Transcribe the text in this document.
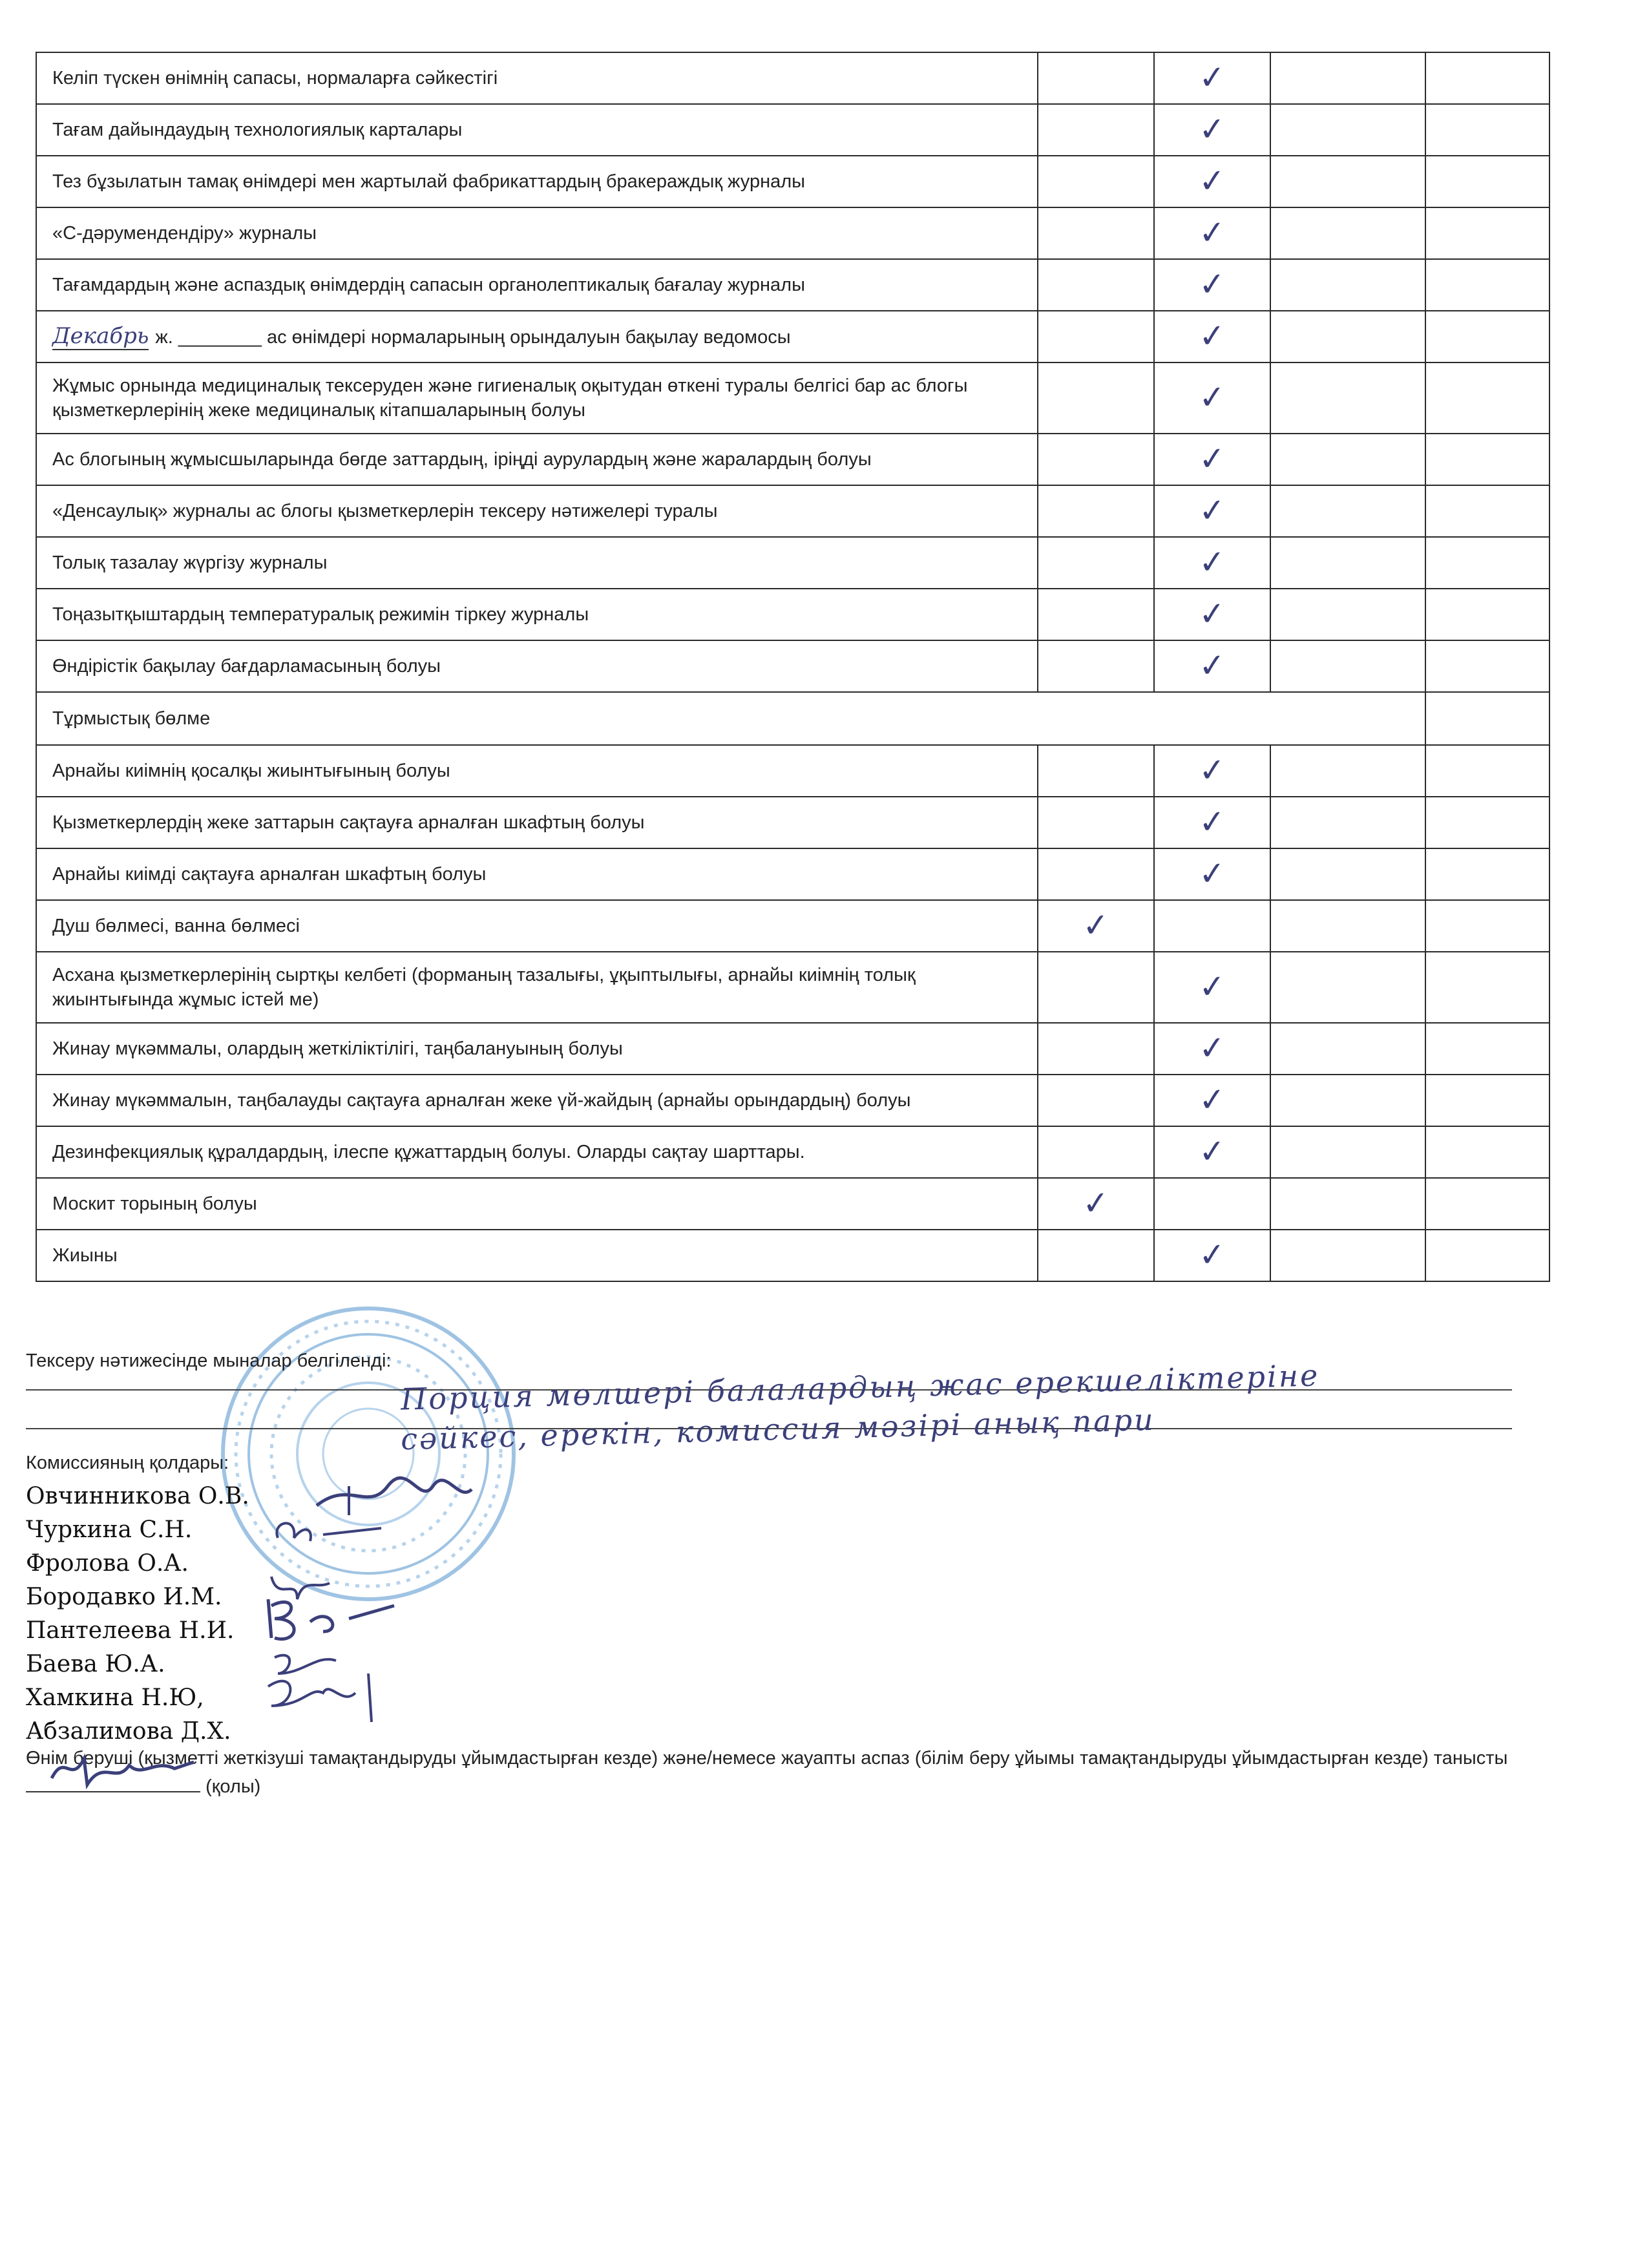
Келіп түскен өнімнің сапасы, нормаларға сәйкестігі		✓		
Тағам дайындаудың технологиялық карталары		✓		
Тез бұзылатын тамақ өнімдері мен жартылай фабрикаттардың бракераждық журналы		✓		
«С-дәрумендендіру» журналы		✓		
Тағамдардың және аспаздық өнімдердің сапасын органолептикалық бағалау журналы		✓		
Декабрь ж. ________ ас өнімдері нормаларының орындалуын бақылау ведомосы		✓		
Жұмыс орнында медициналық тексеруден және гигиеналық оқытудан өткені туралы белгісі бар ас блогы қызметкерлерінің жеке медициналық кітапшаларының болуы		✓		
Ас блогының жұмысшыларында бөгде заттардың, іріңді аурулардың және жаралардың болуы		✓		
«Денсаулық» журналы ас блогы қызметкерлерін тексеру нәтижелері туралы		✓		
Толық тазалау жүргізу журналы		✓		
Тоңазытқыштардың температуралық режимін тіркеу журналы		✓		
Өндірістік бақылау бағдарламасының болуы		✓		
Тұрмыстық бөлме				
Арнайы киімнің қосалқы жиынтығының болуы		✓		
Қызметкерлердің жеке заттарын сақтауға арналған шкафтың болуы		✓		
Арнайы киімді сақтауға арналған шкафтың болуы		✓		
Душ бөлмесі, ванна бөлмесі	✓			
Асхана қызметкерлерінің сыртқы келбеті (форманың тазалығы, ұқыптылығы, арнайы киімнің толық жиынтығында жұмыс істей ме)		✓		
Жинау мүкәммалы, олардың жеткіліктілігі, таңбалануының болуы		✓		
Жинау мүкәммалын, таңбалауды сақтауға арналған жеке үй-жайдың (арнайы орындардың) болуы		✓		
Дезинфекциялық құралдардың, ілеспе құжаттардың болуы. Оларды сақтау шарттары.		✓		
Москит торының болуы	✓			
Жиыны		✓		
Тексеру нәтижесінде мыналар белгіленді: Порция мөлшері балалардың жас ерекшеліктеріне
сәйкес, ерекін, комиссия мәзірі анық пари
Комиссияның қолдары:
Овчинникова О.В.
Чуркина С.Н.
Фролова О.А.
Бородавко И.М.
Пантелеева Н.И.
Баева Ю.А.
Хамкина Н.Ю,
Абзалимова Д.Х.
Өнім беруші (қызметті жеткізуші тамақтандыруды ұйымдастырған кезде) және/немесе жауапты аспаз (білім беру ұйымы тамақтандыруды ұйымдастырған кезде) танысты
(қолы)
